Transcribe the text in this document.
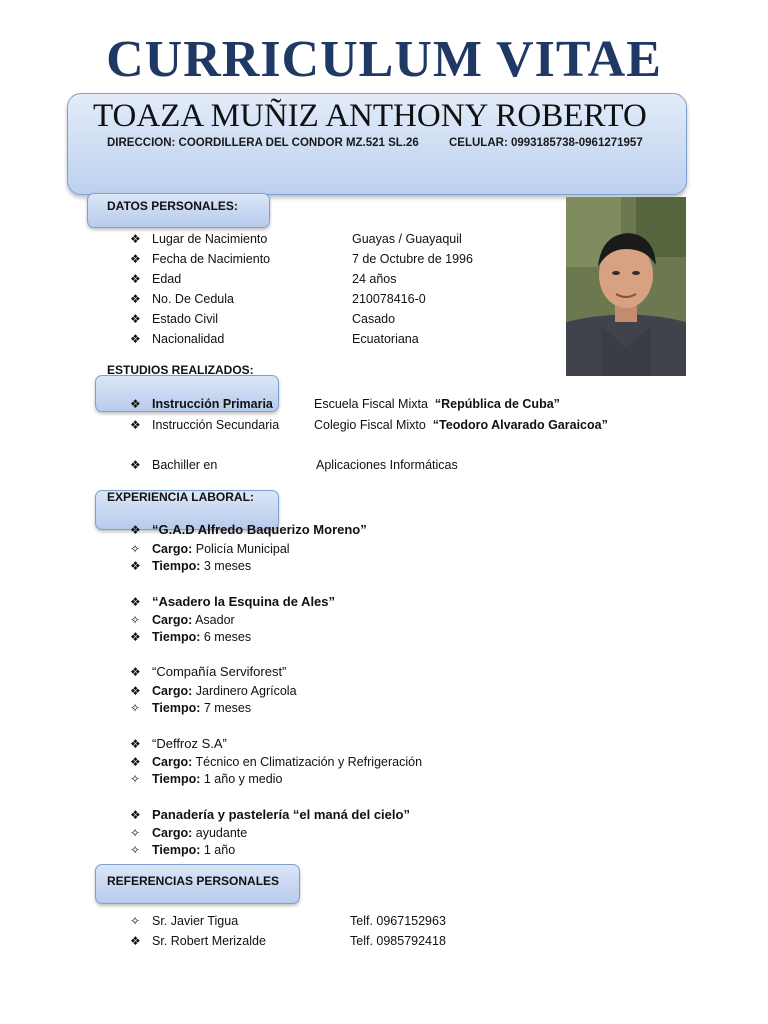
CURRICULUM VITAE
TOAZA MUÑIZ ANTHONY ROBERTO
DIRECCION: COORDILLERA DEL CONDOR MZ.521 SL.26	CELULAR: 0993185738-0961271957
DATOS PERSONALES:
❖ Lugar de Nacimiento	Guayas / Guayaquil
❖ Fecha de Nacimiento	7 de Octubre de 1996
❖ Edad	24 años
❖ No. De Cedula	210078416-0
❖ Estado Civil	Casado
❖ Nacionalidad	Ecuatoriana
ESTUDIOS REALIZADOS:
❖ Instrucción Primaria	Escuela Fiscal Mixta “República de Cuba”
❖ Instrucción Secundaria	Colegio Fiscal Mixto “Teodoro Alvarado Garaicoa”
❖ Bachiller en	Aplicaciones Informáticas
EXPERIENCIA LABORAL:
❖ “G.A.D Alfredo Baquerizo Moreno”
✧ Cargo: Policía Municipal
❖ Tiempo: 3 meses
❖ “Asadero la Esquina de Ales”
✧ Cargo: Asador
❖ Tiempo: 6 meses
❖ “Compañía Serviforest”
❖ Cargo: Jardinero Agrícola
✧ Tiempo: 7 meses
❖ “Deffroz S.A”
❖ Cargo: Técnico en Climatización y Refrigeración
✧ Tiempo: 1 año y medio
❖ Panadería y pastelería “el maná del cielo”
✧ Cargo: ayudante
✧ Tiempo: 1 año
REFERENCIAS PERSONALES
✧ Sr. Javier Tigua	Telf. 0967152963
❖ Sr. Robert Merizalde	Telf. 0985792418
